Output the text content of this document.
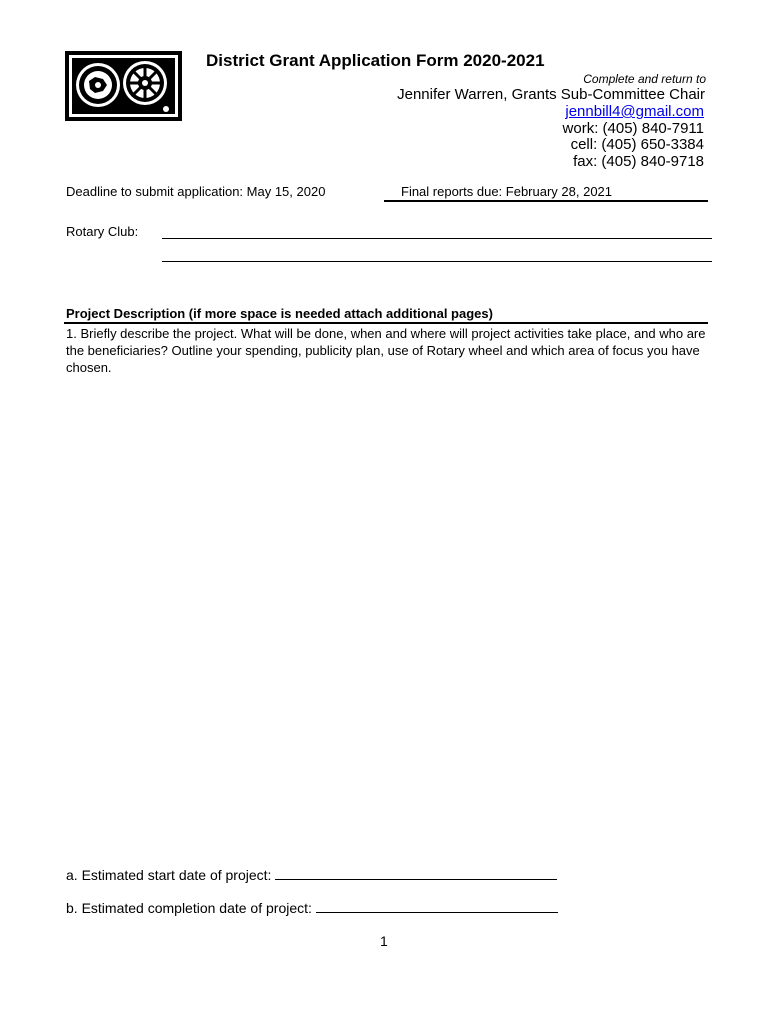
District Grant Application Form 2020-2021
Complete and return to
Jennifer Warren, Grants Sub-Committee Chair
jennbill4@gmail.com
work: (405) 840-7911
cell: (405) 650-3384
fax: (405) 840-9718
Deadline to submit application: May 15, 2020	Final reports due: February 28, 2021
Rotary Club:
Project Description (if more space is needed attach additional pages)
1. Briefly describe the project. What will be done, when and where will project activities take place, and who are the beneficiaries? Outline your spending, publicity plan, use of Rotary wheel and which area of focus you have chosen.
a. Estimated start date of project:
b. Estimated completion date of project:
1
